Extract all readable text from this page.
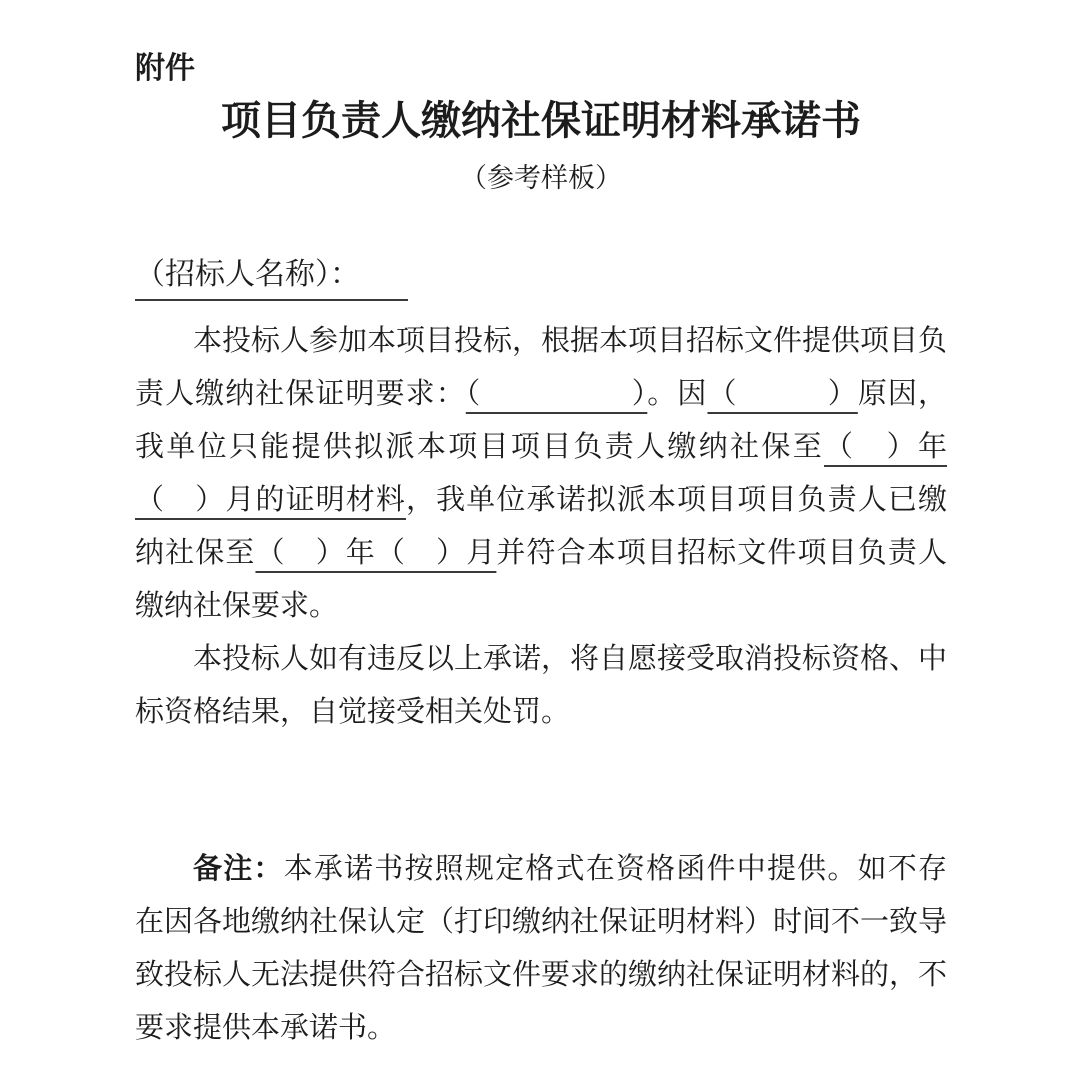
附件
项目负责人缴纳社保证明材料承诺书
（参考样板）
（招标人名称）：

本投标人参加本项目投标，根据本项目招标文件提供项目负责人缴纳社保证明要求：（　　　　　）。因（　　　）原因，我单位只能提供拟派本项目项目负责人缴纳社保至（　）年（　）月的证明材料，我单位承诺拟派本项目项目负责人已缴纳社保至（　）年（　）月并符合本项目招标文件项目负责人缴纳社保要求。

本投标人如有违反以上承诺，将自愿接受取消投标资格、中标资格结果，自觉接受相关处罚。

备注：本承诺书按照规定格式在资格函件中提供。如不存在因各地缴纳社保认定（打印缴纳社保证明材料）时间不一致导致投标人无法提供符合招标文件要求的缴纳社保证明材料的，不要求提供本承诺书。
